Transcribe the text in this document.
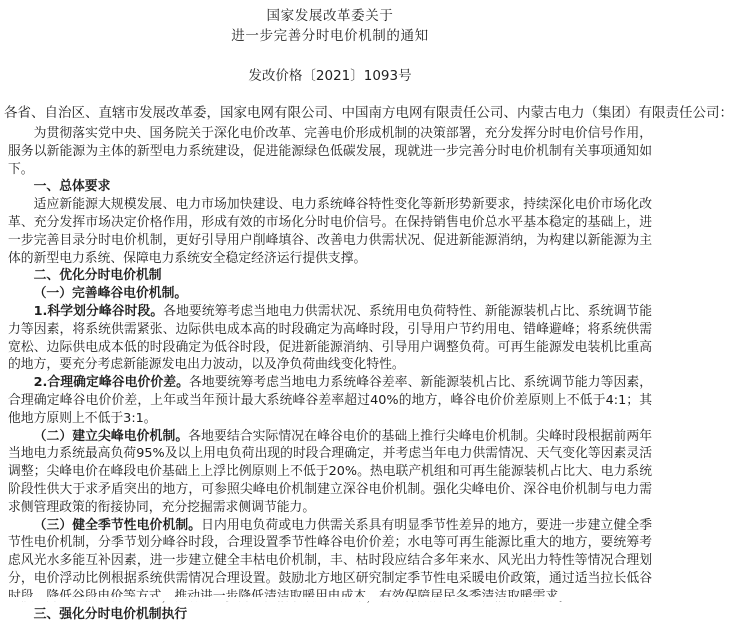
国家发展改革委关于
进一步完善分时电价机制的通知
发改价格〔2021〕1093号
各省、自治区、直辖市发展改革委，国家电网有限公司、中国南方电网有限责任公司、内蒙古电力（集团）有限责任公司：

为贯彻落实党中央、国务院关于深化电价改革、完善电价形成机制的决策部署，充分发挥分时电价信号作用，服务以新能源为主体的新型电力系统建设，促进能源绿色低碳发展，现就进一步完善分时电价机制有关事项通知如下。

一、总体要求

适应新能源大规模发展、电力市场加快建设、电力系统峰谷特性变化等新形势新要求，持续深化电价市场化改革、充分发挥市场决定价格作用，形成有效的市场化分时电价信号。在保持销售电价总水平基本稳定的基础上，进一步完善目录分时电价机制，更好引导用户削峰填谷、改善电力供需状况、促进新能源消纳，为构建以新能源为主体的新型电力系统、保障电力系统安全稳定经济运行提供支撑。

二、优化分时电价机制

（一）完善峰谷电价机制。

1.科学划分峰谷时段。各地要统筹考虑当地电力供需状况、系统用电负荷特性、新能源装机占比、系统调节能力等因素，将系统供需紧张、边际供电成本高的时段确定为高峰时段，引导用户节约用电、错峰避峰；将系统供需宽松、边际供电成本低的时段确定为低谷时段，促进新能源消纳、引导用户调整负荷。可再生能源发电装机比重高的地方，要充分考虑新能源发电出力波动，以及净负荷曲线变化特性。

2.合理确定峰谷电价价差。各地要统筹考虑当地电力系统峰谷差率、新能源装机占比、系统调节能力等因素，合理确定峰谷电价价差，上年或当年预计最大系统峰谷差率超过40%的地方，峰谷电价价差原则上不低于4:1；其他地方原则上不低于3:1。

（二）建立尖峰电价机制。各地要结合实际情况在峰谷电价的基础上推行尖峰电价机制。尖峰时段根据前两年当地电力系统最高负荷95%及以上用电负荷出现的时段合理确定，并考虑当年电力供需情况、天气变化等因素灵活调整；尖峰电价在峰段电价基础上上浮比例原则上不低于20%。热电联产机组和可再生能源装机占比大、电力系统阶段性供大于求矛盾突出的地方，可参照尖峰电价机制建立深谷电价机制。强化尖峰电价、深谷电价机制与电力需求侧管理政策的衔接协同，充分挖掘需求侧调节能力。

（三）健全季节性电价机制。日内用电负荷或电力供需关系具有明显季节性差异的地方，要进一步建立健全季节性电价机制，分季节划分峰谷时段，合理设置季节性峰谷电价价差；水电等可再生能源比重大的地方，要统筹考虑风光水多能互补因素，进一步建立健全丰枯电价机制，丰、枯时段应结合多年来水、风光出力特性等情况合理划分，电价浮动比例根据系统供需情况合理设置。鼓励北方地区研究制定季节性电采暖电价政策，通过适当拉长低谷

三、强化分时电价机制执行
